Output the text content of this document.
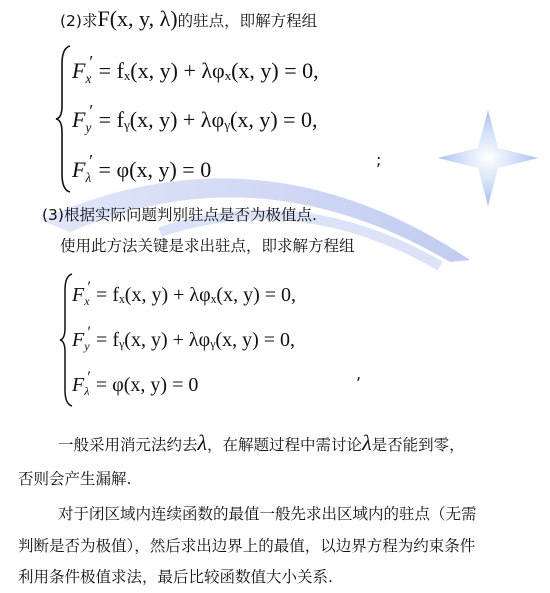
(2)求F(x, y, λ)的驻点，即解方程组
$F_x' = f_x(x$, y) + λφₓ(x, y) = 0,
$F_y'$ = fᵧ(x, y) + λφᵧ(x, y) = 0,
$F_\lambda' = \varphi(x$, y) = 0	;
(3)根据实际问题判别驻点是否为极值点.
使用此方法关键是求出驻点，即求解方程组
$F_x' = f_x(x$, y) + λφₓ(x, y) = 0,
$F_y'$ = fᵧ(x, y) + λφᵧ(x, y) = 0,
$F_\lambda' = \varphi(x$, y) = 0
,
一般采用消元法约去λ，在解题过程中需讨论λ是否能到零，
否则会产生漏解.
对于闭区域内连续函数的最值一般先求出区域内的驻点（无需
判断是否为极值），然后求出边界上的最值，以边界方程为约束条件
利用条件极值求法，最后比较函数值大小关系.
